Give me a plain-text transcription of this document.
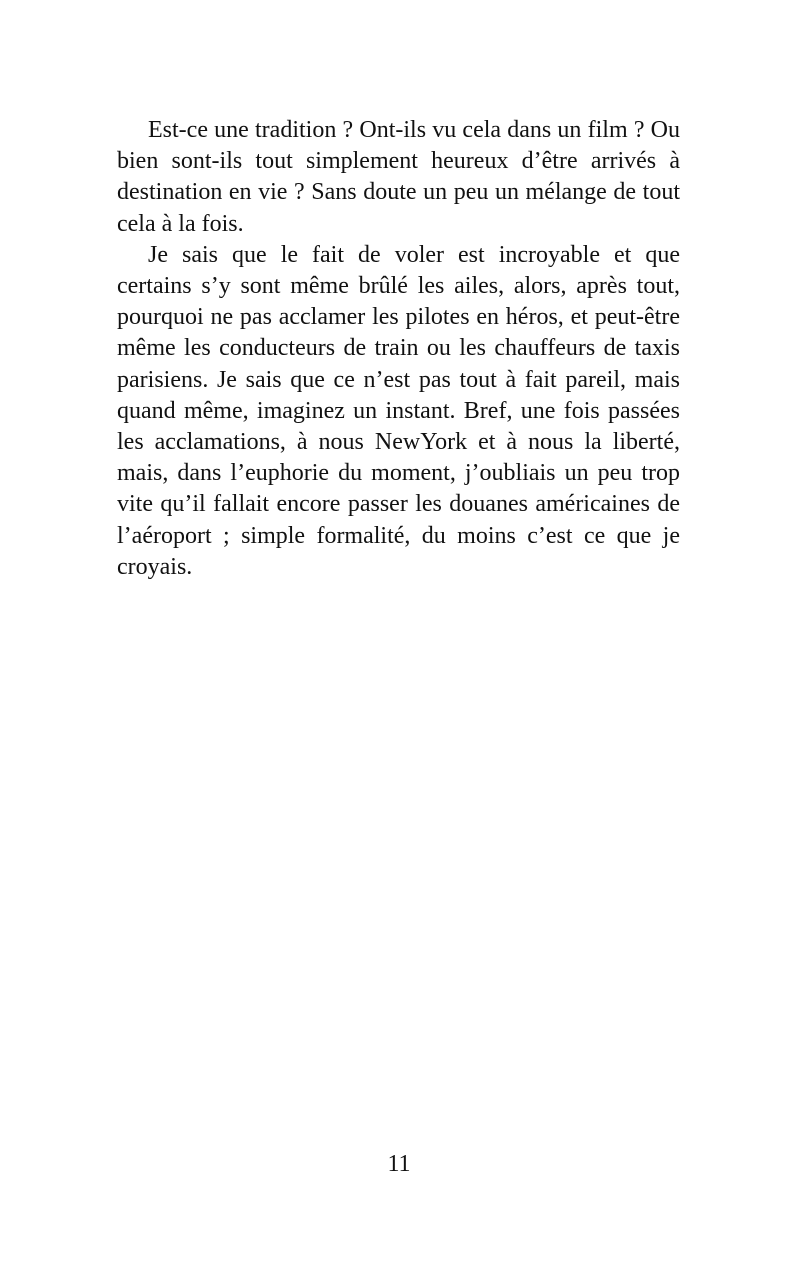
Est-ce une tradition ? Ont-ils vu cela dans un film ? Ou bien sont-ils tout simplement heureux d’être arrivés à destination en vie ? Sans doute un peu un mélange de tout cela à la fois.

Je sais que le fait de voler est incroyable et que certains s’y sont même brûlé les ailes, alors, après tout, pourquoi ne pas acclamer les pilotes en héros, et peut-être même les conducteurs de train ou les chauffeurs de taxis parisiens. Je sais que ce n’est pas tout à fait pareil, mais quand même, imaginez un instant. Bref, une fois passées les acclamations, à nous NewYork et à nous la liberté, mais, dans l’euphorie du moment, j’oubliais un peu trop vite qu’il fallait encore passer les douanes américaines de l’aéroport ; simple formalité, du moins c’est ce que je croyais.

11
